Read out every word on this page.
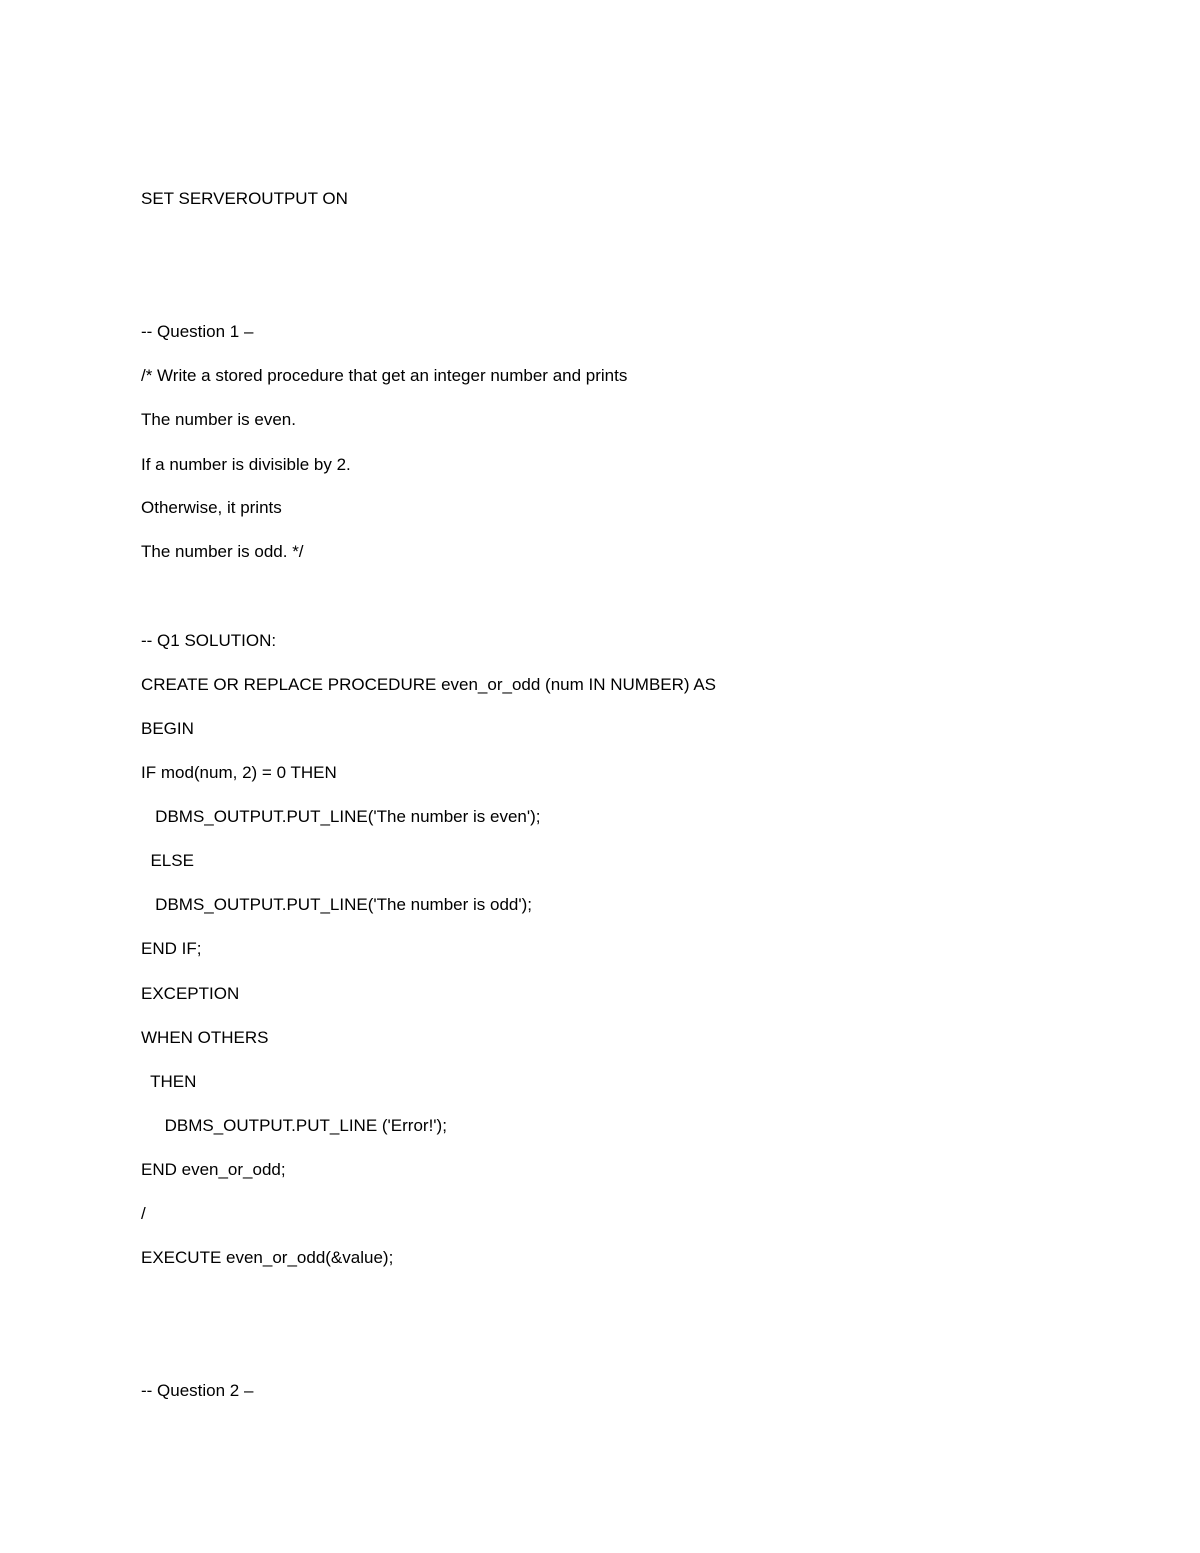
SET SERVEROUTPUT ON
-- Question 1 –
/* Write a stored procedure that get an integer number and prints
The number is even.
If a number is divisible by 2.
Otherwise, it prints
The number is odd. */
-- Q1 SOLUTION:
CREATE OR REPLACE PROCEDURE even_or_odd (num IN NUMBER) AS
BEGIN
IF mod(num, 2) = 0 THEN
DBMS_OUTPUT.PUT_LINE('The number is even');
ELSE
DBMS_OUTPUT.PUT_LINE('The number is odd');
END IF;
EXCEPTION
WHEN OTHERS
THEN
DBMS_OUTPUT.PUT_LINE ('Error!');
END even_or_odd;
/
EXECUTE even_or_odd(&value);
-- Question 2 –
